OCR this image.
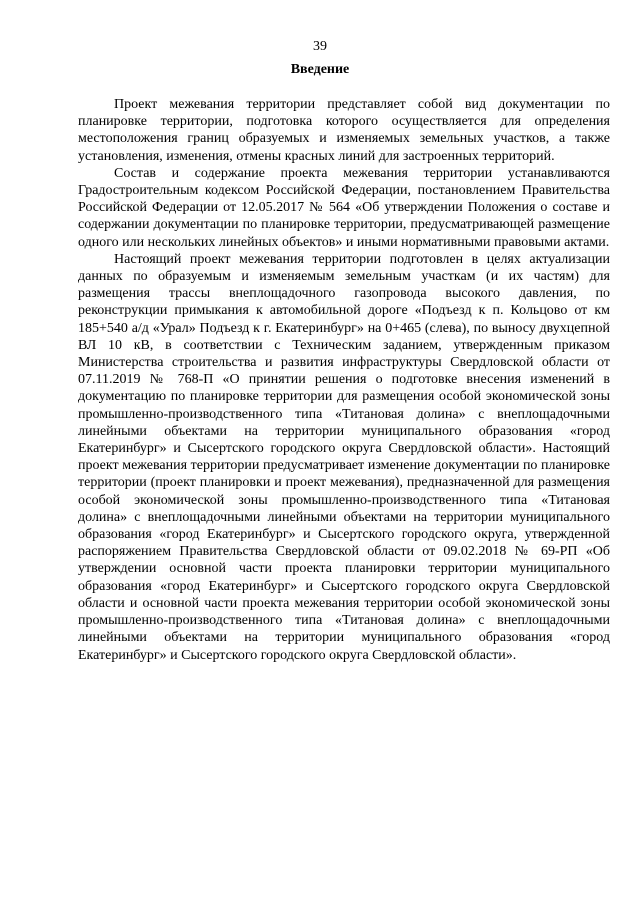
39
Введение

Проект межевания территории представляет собой вид документации по планировке территории, подготовка которого осуществляется для определения местоположения границ образуемых и изменяемых земельных участков, а также установления, изменения, отмены красных линий для застроенных территорий.

Состав и содержание проекта межевания территории устанавливаются Градостроительным кодексом Российской Федерации, постановлением Правительства Российской Федерации от 12.05.2017 № 564 «Об утверждении Положения о составе и содержании документации по планировке территории, предусматривающей размещение одного или нескольких линейных объектов» и иными нормативными правовыми актами.

Настоящий проект межевания территории подготовлен в целях актуализации данных по образуемым и изменяемым земельным участкам (и их частям) для размещения трассы внеплощадочного газопровода высокого давления, по реконструкции примыкания к автомобильной дороге «Подъезд к п. Кольцово от км 185+540 а/д «Урал» Подъезд к г. Екатеринбург» на 0+465 (слева), по выносу двухцепной ВЛ 10 кВ, в соответствии с Техническим заданием, утвержденным приказом Министерства строительства и развития инфраструктуры Свердловской области от 07.11.2019 № 768-П «О принятии решения о подготовке внесения изменений в документацию по планировке территории для размещения особой экономической зоны промышленно-производственного типа «Титановая долина» с внеплощадочными линейными объектами на территории муниципального образования «город Екатеринбург» и Сысертского городского округа Свердловской области». Настоящий проект межевания территории предусматривает изменение документации по планировке территории (проект планировки и проект межевания), предназначенной для размещения особой экономической зоны промышленно-производственного типа «Титановая долина» с внеплощадочными линейными объектами на территории муниципального образования «город Екатеринбург» и Сысертского городского округа, утвержденной распоряжением Правительства Свердловской области от 09.02.2018 № 69-РП «Об утверждении основной части проекта планировки территории муниципального образования «город Екатеринбург» и Сысертского городского округа Свердловской области и основной части проекта межевания территории особой экономической зоны промышленно-производственного типа «Титановая долина» с внеплощадочными линейными объектами на территории муниципального образования «город Екатеринбург» и Сысертского городского округа Свердловской области».
